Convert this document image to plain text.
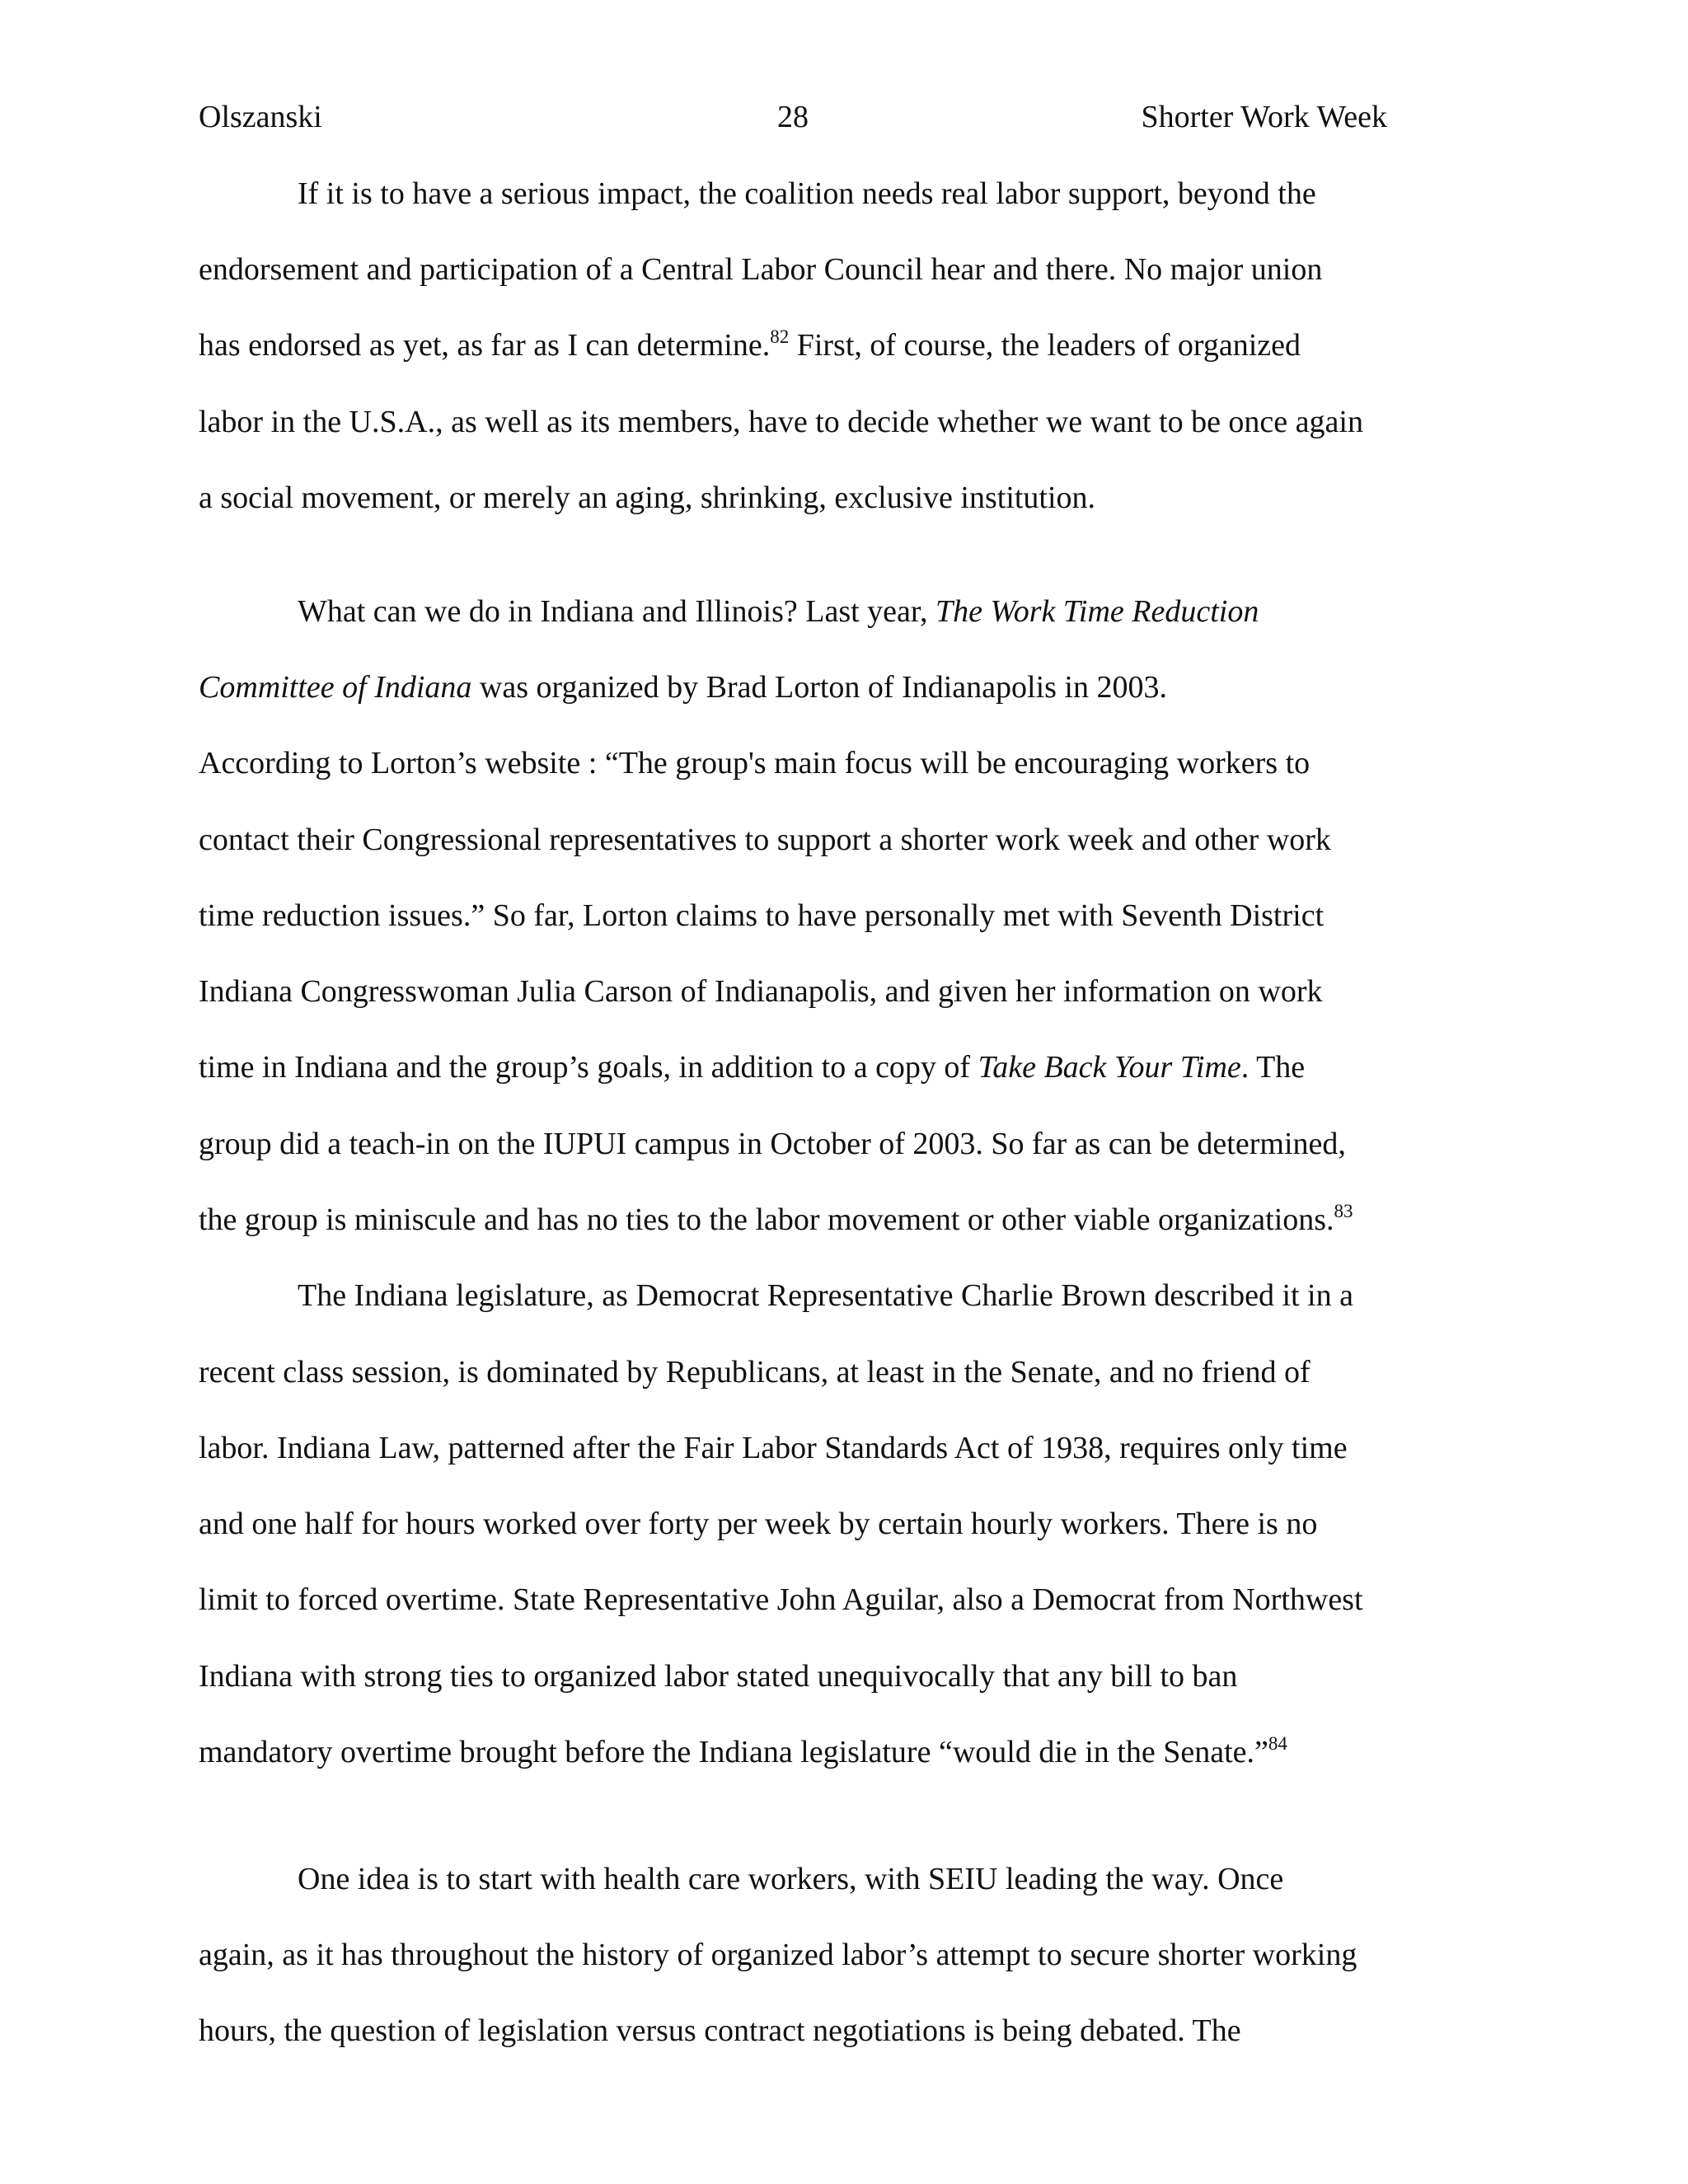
Olszanski	28	Shorter Work Week
If it is to have a serious impact, the coalition needs real labor support, beyond the
endorsement and participation of a Central Labor Council hear and there. No major union
has endorsed as yet, as far as I can determine.$^{82}$ First, of course, the leaders of organized
labor in the U.S.A., as well as its members, have to decide whether we want to be once again
a social movement, or merely an aging, shrinking, exclusive institution.
What can we do in Indiana and Illinois? Last year, The Work Time Reduction
Committee of Indiana was organized by Brad Lorton of Indianapolis in 2003.
According to Lorton’s website : “The group's main focus will be encouraging workers to
contact their Congressional representatives to support a shorter work week and other work
time reduction issues.” So far, Lorton claims to have personally met with Seventh District
Indiana Congresswoman Julia Carson of Indianapolis, and given her information on work
time in Indiana and the group’s goals, in addition to a copy of Take Back Your Time. The
group did a teach-in on the IUPUI campus in October of 2003. So far as can be determined,
the group is miniscule and has no ties to the labor movement or other viable organizations.$^{83}$
The Indiana legislature, as Democrat Representative Charlie Brown described it in a
recent class session, is dominated by Republicans, at least in the Senate, and no friend of
labor. Indiana Law, patterned after the Fair Labor Standards Act of 1938, requires only time
and one half for hours worked over forty per week by certain hourly workers. There is no
limit to forced overtime. State Representative John Aguilar, also a Democrat from Northwest
Indiana with strong ties to organized labor stated unequivocally that any bill to ban
mandatory overtime brought before the Indiana legislature “would die in the Senate.”$^{84}$
One idea is to start with health care workers, with SEIU leading the way. Once
again, as it has throughout the history of organized labor’s attempt to secure shorter working
hours, the question of legislation versus contract negotiations is being debated. The
